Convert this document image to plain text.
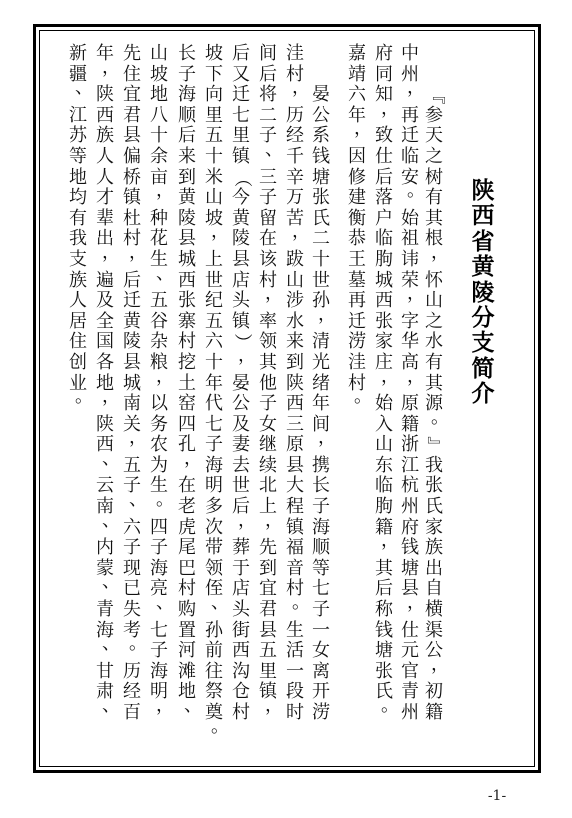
陕
西
省
黄
陵
分
支
简
介
『
参
天
之
树
有
其
根
，
怀
山
之
水
有
其
源
。
』
我
张
氏
家
族
出
自
横
渠
公
，
初
籍
中
州
，
再
迁
临
安
。
始
祖
讳
荣
，
字
华
高
，
原
籍
浙
江
杭
州
府
钱
塘
县
，
仕
元
官
青
州
府
同
知
，
致
仕
后
落
户
临
朐
城
西
张
家
庄
，
始
入
山
东
临
朐
籍
，
其
后
称
钱
塘
张
氏
。
嘉
靖
六
年
，
因
修
建
衡
恭
王
墓
再
迁
涝
洼
村
。
晏
公
系
钱
塘
张
氏
二
十
世
孙
，
清
光
绪
年
间
，
携
长
子
海
顺
等
七
子
一
女
离
开
涝
洼
村
，
历
经
千
辛
万
苦
，
跋
山
涉
水
来
到
陕
西
三
原
县
大
程
镇
福
音
村
。
生
活
一
段
时
间
后
将
二
子
、
三
子
留
在
该
村
，
率
领
其
他
子
女
继
续
北
上
，
先
到
宜
君
县
五
里
镇
，
后
又
迁
七
里
镇
（
今
黄
陵
县
店
头
镇
）
，
晏
公
及
妻
去
世
后
，
葬
于
店
头
街
西
沟
仓
村
坡
下
向
里
五
十
米
山
坡
，
上
世
纪
五
六
十
年
代
七
子
海
明
多
次
带
领
侄
、
孙
前
往
祭
奠
。
长
子
海
顺
后
来
到
黄
陵
县
城
西
张
寨
村
挖
土
窑
四
孔
，
在
老
虎
尾
巴
村
购
置
河
滩
地
、
山
坡
地
八
十
余
亩
，
种
花
生
、
五
谷
杂
粮
，
以
务
农
为
生
。
四
子
海
亮
、
七
子
海
明
，
先
住
宜
君
县
偏
桥
镇
杜
村
，
后
迁
黄
陵
县
城
南
关
，
五
子
、
六
子
现
已
失
考
。
历
经
百
年
，
陕
西
族
人
人
才
辈
出
，
遍
及
全
国
各
地
，
陕
西
、
云
南
、
内
蒙
、
青
海
、
甘
肃
、
新
疆
、
江
苏
等
地
均
有
我
支
族
人
居
住
创
业
。
-1-
